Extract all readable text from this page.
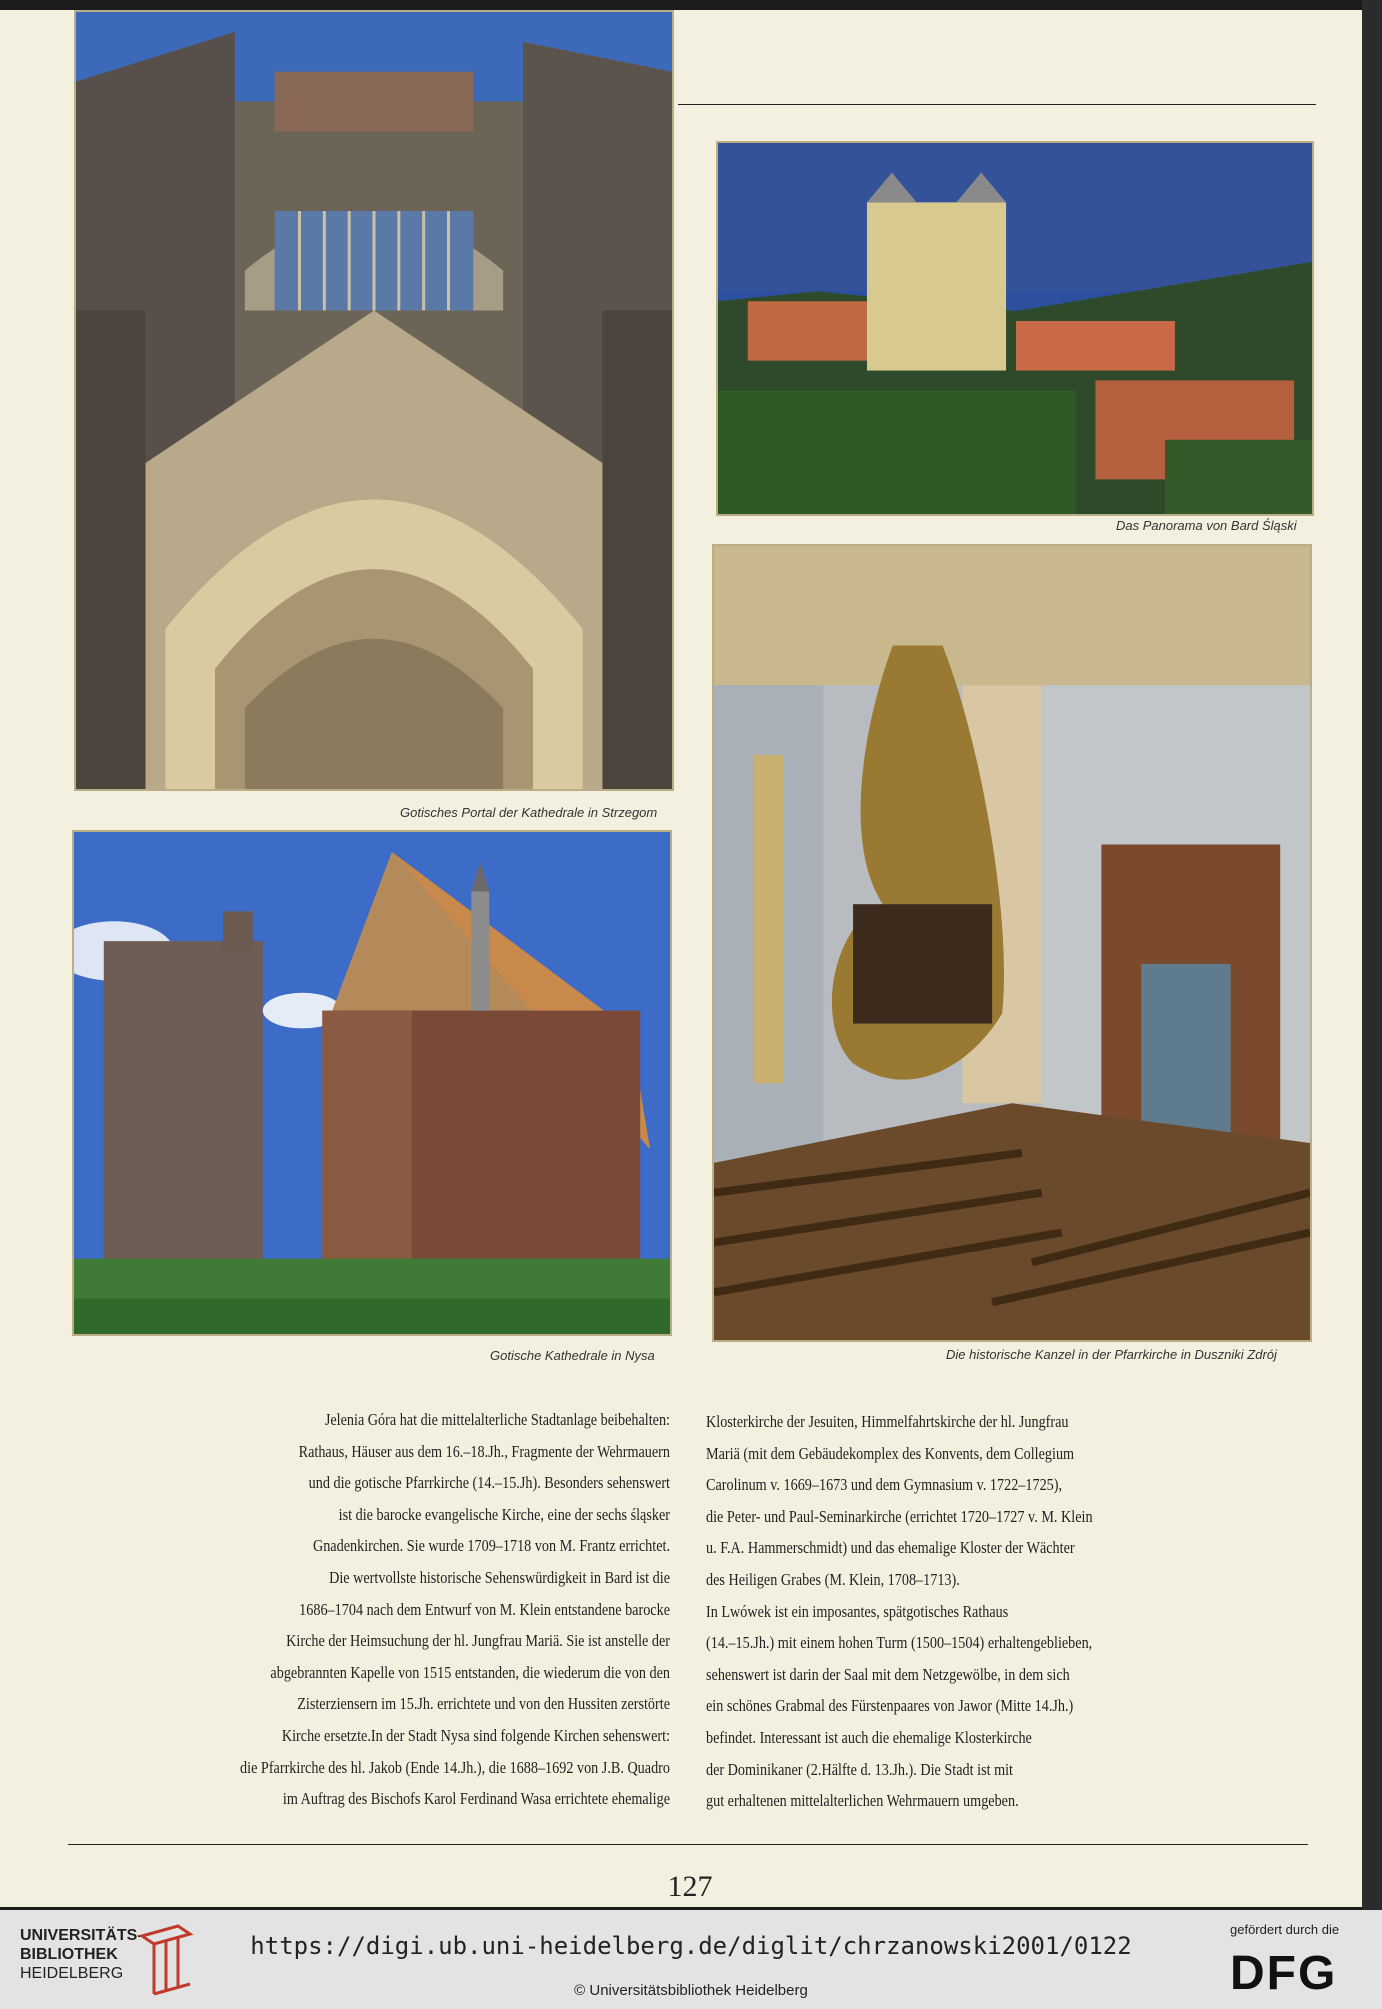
Gotisches Portal der Kathedrale in Strzegom
Das Panorama von Bard Śląski
Die historische Kanzel in der Pfarrkirche in Duszniki Zdrój
Gotische Kathedrale in Nysa
Jelenia Góra hat die mittelalterliche Stadtanlage beibehalten:
Rathaus, Häuser aus dem 16.–18.Jh., Fragmente der Wehrmauern
und die gotische Pfarrkirche (14.–15.Jh). Besonders sehenswert
ist die barocke evangelische Kirche, eine der sechs śląsker
Gnadenkirchen. Sie wurde 1709–1718 von M. Frantz errichtet.
Die wertvollste historische Sehenswürdigkeit in Bard ist die
1686–1704 nach dem Entwurf von M. Klein entstandene barocke
Kirche der Heimsuchung der hl. Jungfrau Mariä. Sie ist anstelle der
abgebrannten Kapelle von 1515 entstanden, die wiederum die von den
Zisterziensern im 15.Jh. errichtete und von den Hussiten zerstörte
Kirche ersetzte.In der Stadt Nysa sind folgende Kirchen sehenswert:
die Pfarrkirche des hl. Jakob (Ende 14.Jh.), die 1688–1692 von J.B. Quadro
im Auftrag des Bischofs Karol Ferdinand Wasa errichtete ehemalige
Klosterkirche der Jesuiten, Himmelfahrtskirche der hl. Jungfrau
Mariä (mit dem Gebäudekomplex des Konvents, dem Collegium
Carolinum v. 1669–1673 und dem Gymnasium v. 1722–1725),
die Peter- und Paul-Seminarkirche (errichtet 1720–1727 v. M. Klein
u. F.A. Hammerschmidt) und das ehemalige Kloster der Wächter
des Heiligen Grabes (M. Klein, 1708–1713).
In Lwówek ist ein imposantes, spätgotisches Rathaus
(14.–15.Jh.) mit einem hohen Turm (1500–1504) erhaltengeblieben,
sehenswert ist darin der Saal mit dem Netzgewölbe, in dem sich
ein schönes Grabmal des Fürstenpaares von Jawor (Mitte 14.Jh.)
befindet. Interessant ist auch die ehemalige Klosterkirche
der Dominikaner (2.Hälfte d. 13.Jh.). Die Stadt ist mit
gut erhaltenen mittelalterlichen Wehrmauern umgeben.
127
UNIVERSITÄTS-
BIBLIOTHEK
HEIDELBERG
https://digi.ub.uni-heidelberg.de/diglit/chrzanowski2001/0122
© Universitätsbibliothek Heidelberg
gefördert durch die
DFG
